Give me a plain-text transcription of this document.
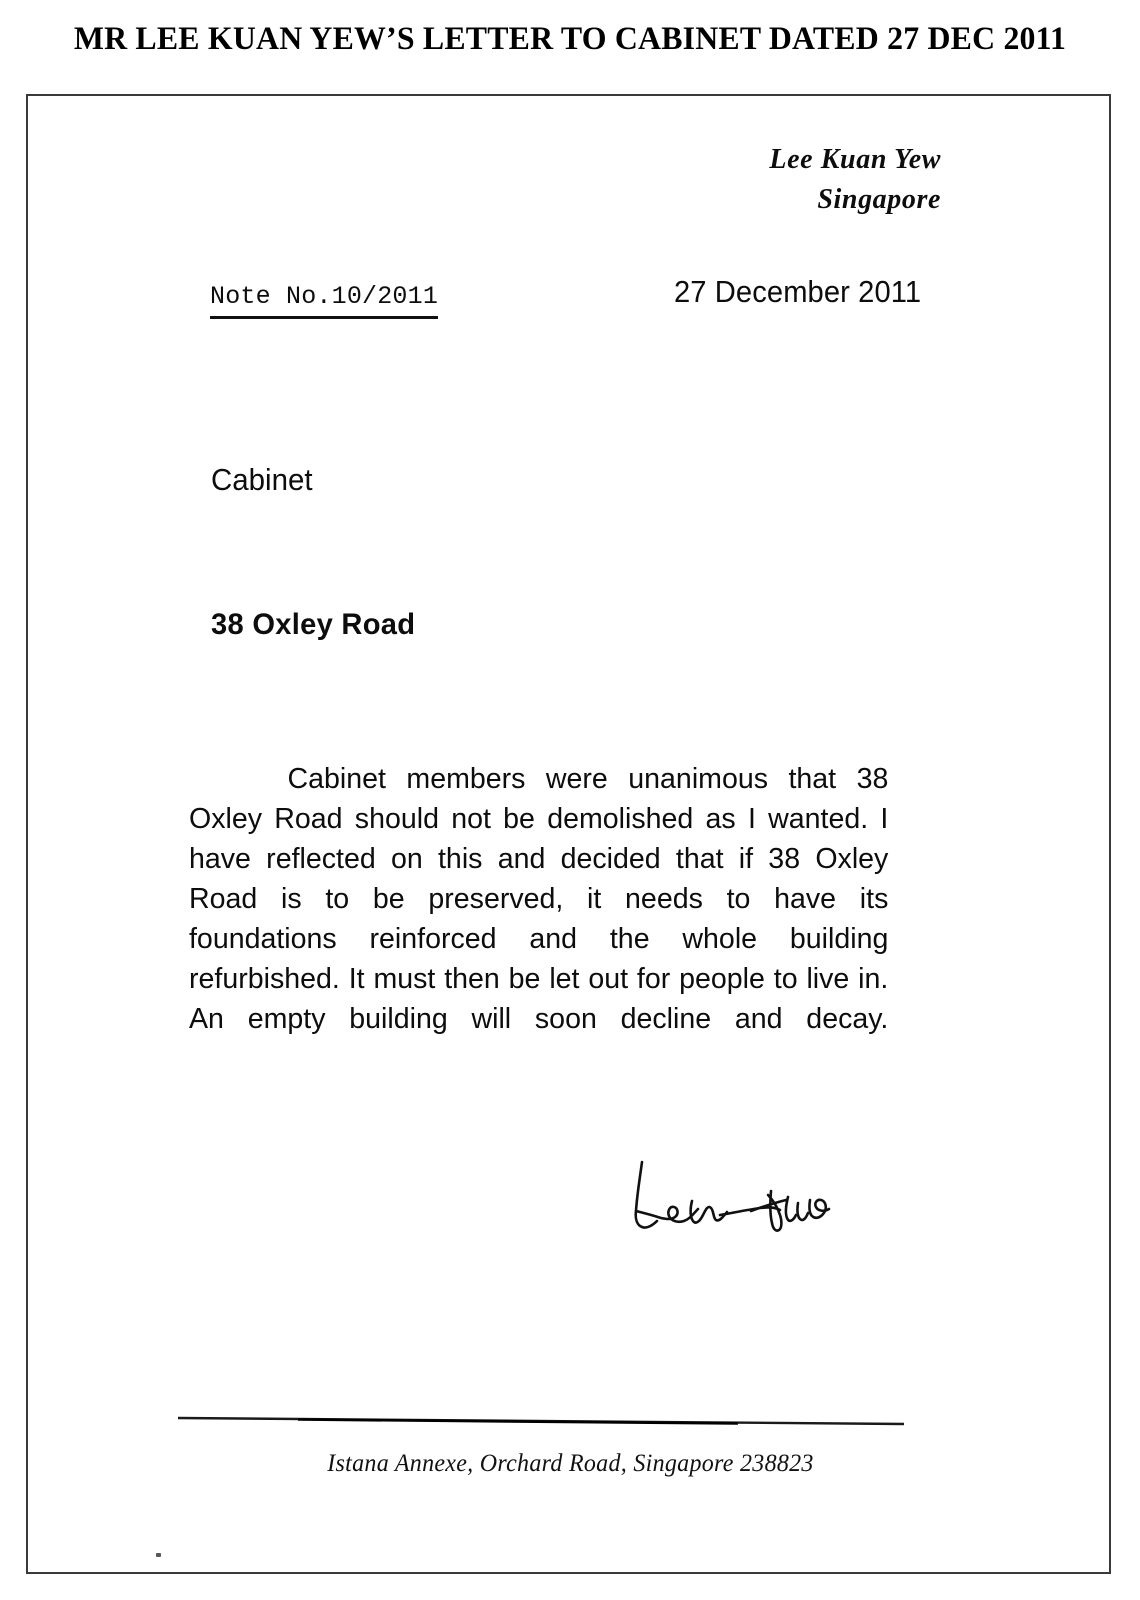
MR LEE KUAN YEW’S LETTER TO CABINET DATED 27 DEC 2011
Lee Kuan Yew
Singapore
Note No.10/2011	27 December 2011
Cabinet
38 Oxley Road

Cabinet members were unanimous that 38 Oxley Road should not be demolished as I wanted. I have reflected on this and decided that if 38 Oxley Road is to be preserved, it needs to have its foundations reinforced and the whole building refurbished. It must then be let out for people to live in. An empty building will soon decline and decay.

Istana Annexe, Orchard Road, Singapore 238823
